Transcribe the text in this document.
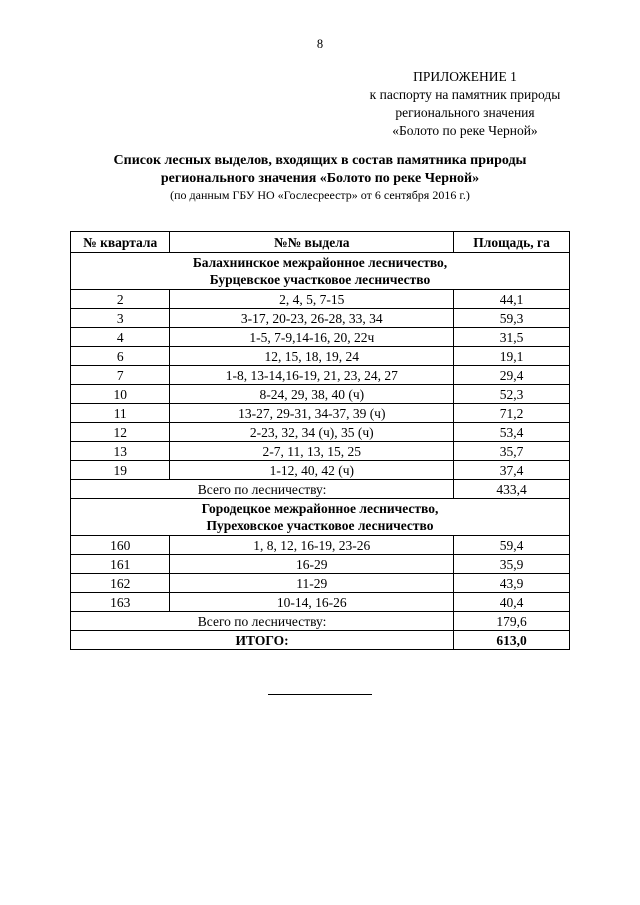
8
ПРИЛОЖЕНИЕ 1
к паспорту на памятник природы
регионального значения
«Болото по реке Черной»
Список лесных выделов, входящих в состав памятника природы
регионального значения «Болото по реке Черной»
(по данным ГБУ НО «Гослесреестр» от 6 сентября 2016 г.)
№ квартала	№№ выдела	Площадь, га

Балахнинское межрайонное лесничество,
Бурцевское участковое лесничество		

2	2, 4, 5, 7-15	44,1
3	3-17, 20-23, 26-28, 33, 34	59,3
4	1-5, 7-9,14-16, 20, 22ч	31,5
6	12, 15, 18, 19, 24	19,1
7	1-8, 13-14,16-19, 21, 23, 24, 27	29,4
10	8-24, 29, 38, 40 (ч)	52,3
11	13-27, 29-31, 34-37, 39 (ч)	71,2
12	2-23, 32, 34 (ч), 35 (ч)	53,4
13	2-7, 11, 13, 15, 25	35,7
19	1-12, 40, 42 (ч)	37,4
Всего по лесничеству:		433,4

Городецкое межрайонное лесничество,
Пуреховское участковое лесничество		

160	1, 8, 12, 16-19, 23-26	59,4
161	16-29	35,9
162	11-29	43,9
163	10-14, 16-26	40,4
Всего по лесничеству:		179,6
ИТОГО:		613,0
